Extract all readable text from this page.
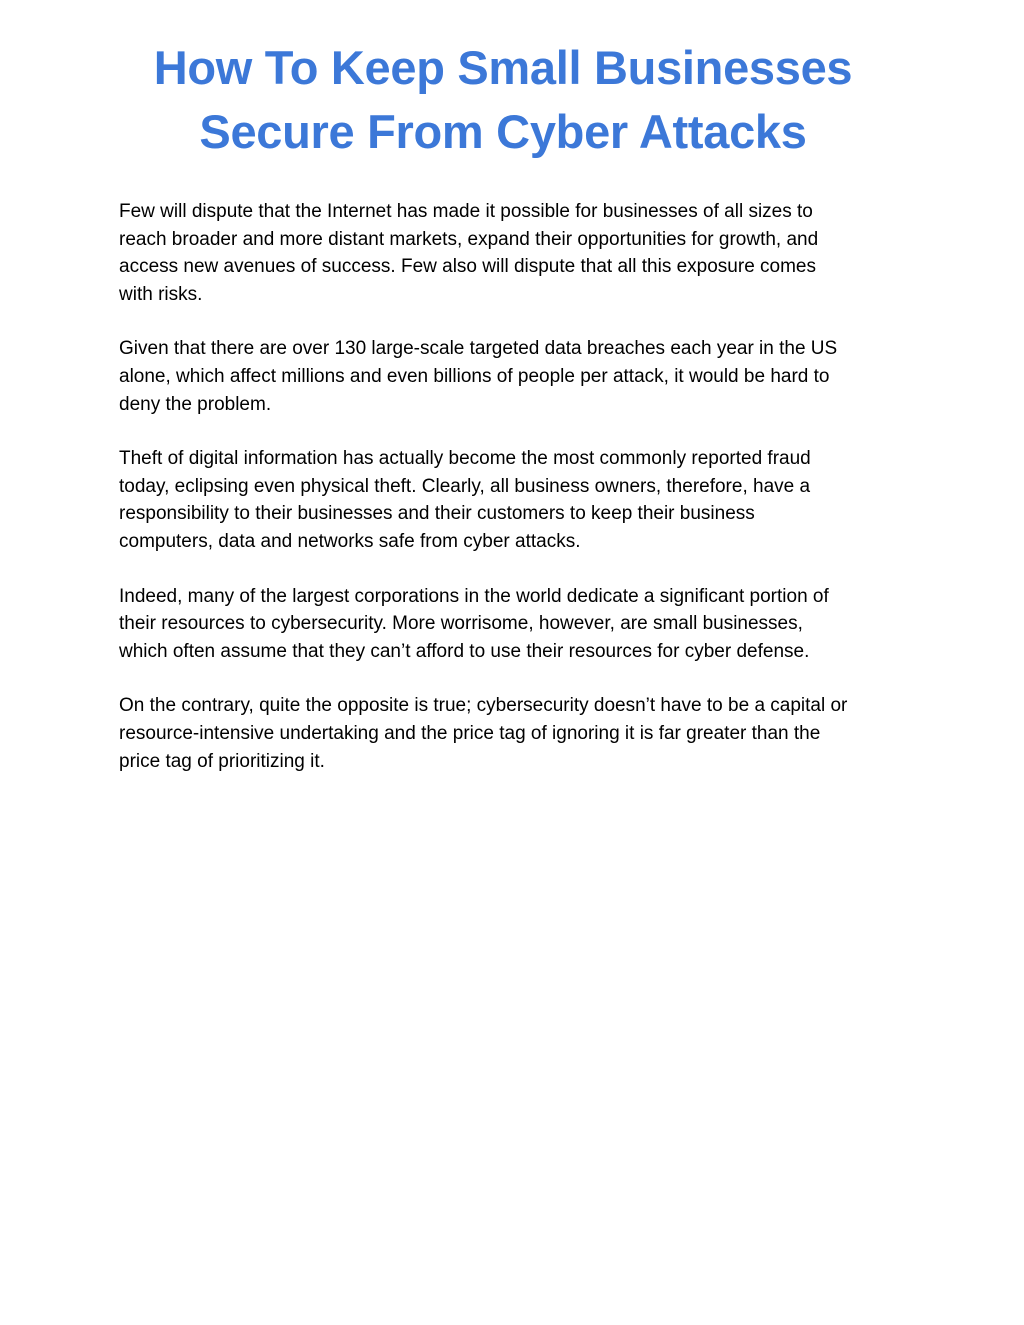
How To Keep Small Businesses
Secure From Cyber Attacks

Few will dispute that the Internet has made it possible for businesses of all sizes to
reach broader and more distant markets, expand their opportunities for growth, and
access new avenues of success. Few also will dispute that all this exposure comes
with risks.

Given that there are over 130 large-scale targeted data breaches each year in the US
alone, which affect millions and even billions of people per attack, it would be hard to
deny the problem.

Theft of digital information has actually become the most commonly reported fraud
today, eclipsing even physical theft. Clearly, all business owners, therefore, have a
responsibility to their businesses and their customers to keep their business
computers, data and networks safe from cyber attacks.

Indeed, many of the largest corporations in the world dedicate a significant portion of
their resources to cybersecurity. More worrisome, however, are small businesses,
which often assume that they can’t afford to use their resources for cyber defense.

On the contrary, quite the opposite is true; cybersecurity doesn’t have to be a capital or
resource-intensive undertaking and the price tag of ignoring it is far greater than the
price tag of prioritizing it.
